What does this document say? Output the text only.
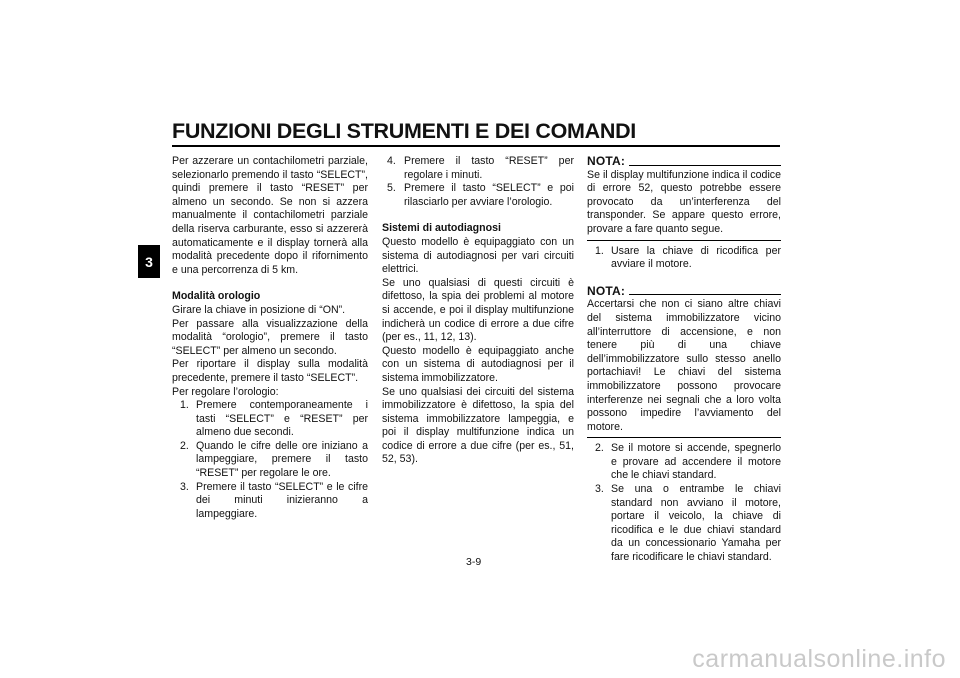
FUNZIONI DEGLI STRUMENTI E DEI COMANDI
3

Per azzerare un contachilometri parziale, selezionarlo premendo il tasto “SELECT”, quindi premere il tasto “RESET” per almeno un secondo. Se non si azzera manualmente il contachilometri parziale della riserva carburante, esso si azzererà automaticamente e il display tornerà alla modalità precedente dopo il rifornimento e una percorrenza di 5 km.

Modalità orologio

Girare la chiave in posizione di “ON”.

Per passare alla visualizzazione della modalità “orologio”, premere il tasto “SELECT” per almeno un secondo.

Per riportare il display sulla modalità precedente, premere il tasto “SELECT”.

Per regolare l’orologio:

1. Premere contemporaneamente i tasti “SELECT” e “RESET” per almeno due secondi.
2. Quando le cifre delle ore iniziano a lampeggiare, premere il tasto “RESET” per regolare le ore.
3. Premere il tasto “SELECT” e le cifre dei minuti inizieranno a lampeggiare.
4. Premere il tasto “RESET” per regolare i minuti.
5. Premere il tasto “SELECT” e poi rilasciarlo per avviare l’orologio.

Sistemi di autodiagnosi

Questo modello è equipaggiato con un sistema di autodiagnosi per vari circuiti elettrici.

Se uno qualsiasi di questi circuiti è difettoso, la spia dei problemi al motore si accende, e poi il display multifunzione indicherà un codice di errore a due cifre (per es., 11, 12, 13).

Questo modello è equipaggiato anche con un sistema di autodiagnosi per il sistema immobilizzatore.

Se uno qualsiasi dei circuiti del sistema immobilizzatore è difettoso, la spia del sistema immobilizzatore lampeggia, e poi il display multifunzione indica un codice di errore a due cifre (per es., 51, 52, 53).

NOTA:

Se il display multifunzione indica il codice di errore 52, questo potrebbe essere provocato da un’interferenza del transponder. Se appare questo errore, provare a fare quanto segue.

1. Usare la chiave di ricodifica per avviare il motore.
NOTA:

Accertarsi che non ci siano altre chiavi del sistema immobilizzatore vicino all’interruttore di accensione, e non tenere più di una chiave dell’immobilizzatore sullo stesso anello portachiavi! Le chiavi del sistema immobilizzatore possono provocare interferenze nei segnali che a loro volta possono impedire l’avviamento del motore.

2. Se il motore si accende, spegnerlo e provare ad accendere il motore che le chiavi standard.
3. Se una o entrambe le chiavi standard non avviano il motore, portare il veicolo, la chiave di ricodifica e le due chiavi standard da un concessionario Yamaha per fare ricodificare le chiavi standard.
3-9
carmanualsonline.info
